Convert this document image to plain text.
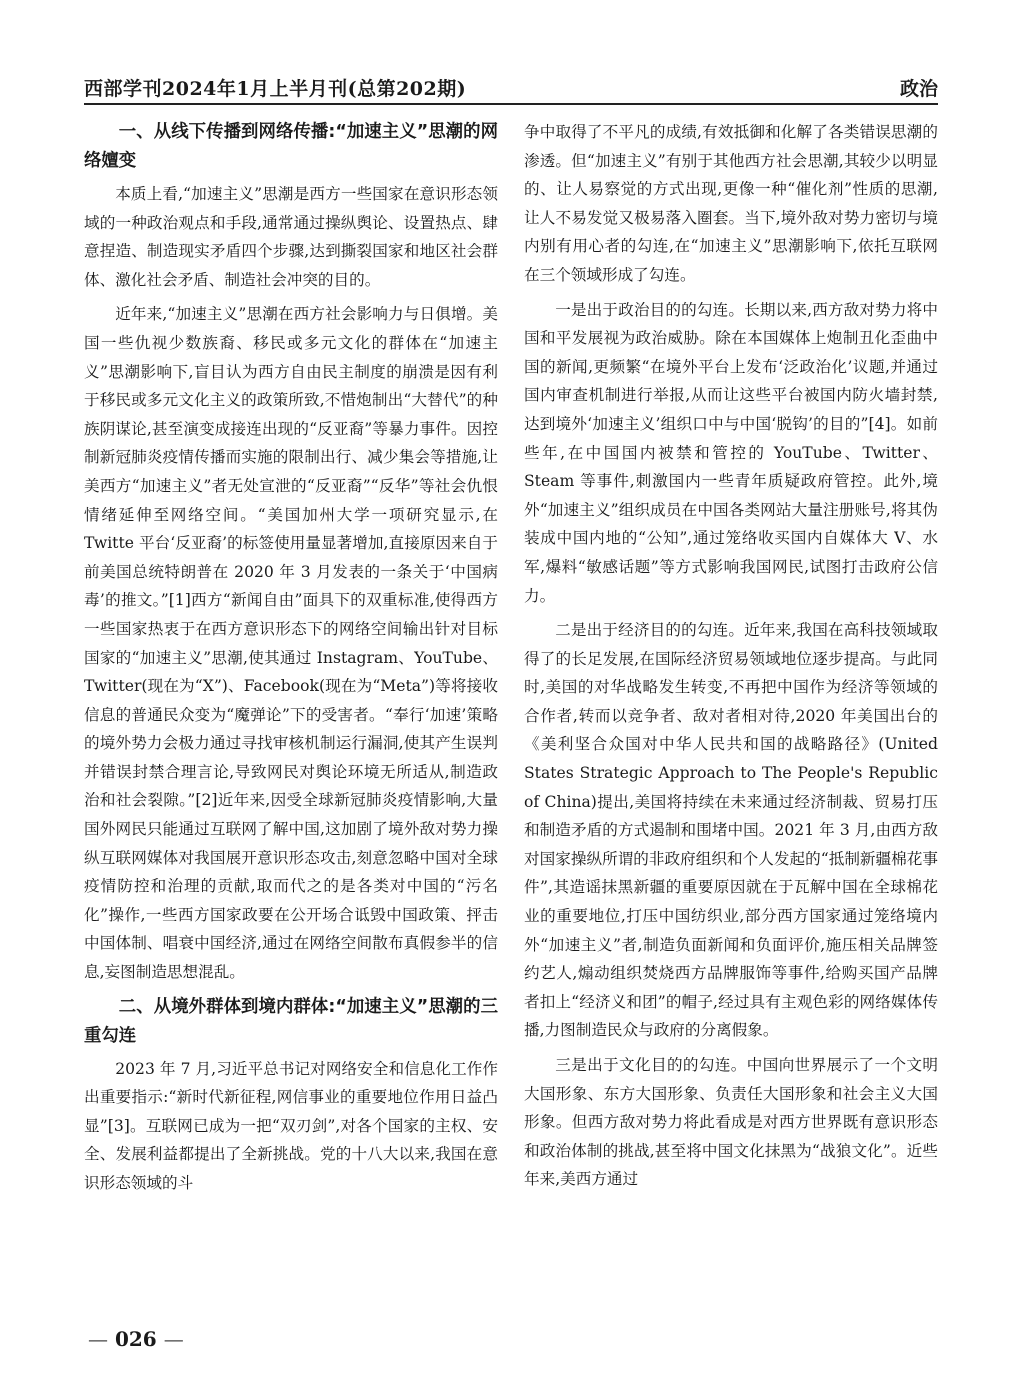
西部学刊2024年1月上半月刊(总第202期)	政治
一、从线下传播到网络传播:“加速主义”思潮的网络嬗变

本质上看,“加速主义”思潮是西方一些国家在意识形态领域的一种政治观点和手段,通常通过操纵舆论、设置热点、肆意捏造、制造现实矛盾四个步骤,达到撕裂国家和地区社会群体、激化社会矛盾、制造社会冲突的目的。

近年来,“加速主义”思潮在西方社会影响力与日俱增。美国一些仇视少数族裔、移民或多元文化的群体在“加速主义”思潮影响下,盲目认为西方自由民主制度的崩溃是因有利于移民或多元文化主义的政策所致,不惜炮制出“大替代”的种族阴谋论,甚至演变成接连出现的“反亚裔”等暴力事件。因控制新冠肺炎疫情传播而实施的限制出行、减少集会等措施,让美西方“加速主义”者无处宣泄的“反亚裔”“反华”等社会仇恨情绪延伸至网络空间。“美国加州大学一项研究显示,在 Twitte 平台‘反亚裔’的标签使用量显著增加,直接原因来自于前美国总统特朗普在 2020 年 3 月发表的一条关于‘中国病毒’的推文。”[1]西方“新闻自由”面具下的双重标准,使得西方一些国家热衷于在西方意识形态下的网络空间输出针对目标国家的“加速主义”思潮,使其通过 Instagram、YouTube、Twitter(现在为“X”)、Facebook(现在为“Meta”)等将接收信息的普通民众变为“魔弹论”下的受害者。“奉行‘加速’策略的境外势力会极力通过寻找审核机制运行漏洞,使其产生误判并错误封禁合理言论,导致网民对舆论环境无所适从,制造政治和社会裂隙。”[2]近年来,因受全球新冠肺炎疫情影响,大量国外网民只能通过互联网了解中国,这加剧了境外敌对势力操纵互联网媒体对我国展开意识形态攻击,刻意忽略中国对全球疫情防控和治理的贡献,取而代之的是各类对中国的“污名化”操作,一些西方国家政要在公开场合诋毁中国政策、抨击中国体制、唱衰中国经济,通过在网络空间散布真假参半的信息,妄图制造思想混乱。

二、从境外群体到境内群体:“加速主义”思潮的三重勾连

2023 年 7 月,习近平总书记对网络安全和信息化工作作出重要指示:“新时代新征程,网信事业的重要地位作用日益凸显”[3]。互联网已成为一把“双刃剑”,对各个国家的主权、安全、发展利益都提出了全新挑战。党的十八大以来,我国在意识形态领域的斗

争中取得了不平凡的成绩,有效抵御和化解了各类错误思潮的渗透。但“加速主义”有别于其他西方社会思潮,其较少以明显的、让人易察觉的方式出现,更像一种“催化剂”性质的思潮,让人不易发觉又极易落入圈套。当下,境外敌对势力密切与境内别有用心者的勾连,在“加速主义”思潮影响下,依托互联网在三个领域形成了勾连。

一是出于政治目的的勾连。长期以来,西方敌对势力将中国和平发展视为政治威胁。除在本国媒体上炮制丑化歪曲中国的新闻,更频繁“在境外平台上发布‘泛政治化’议题,并通过国内审查机制进行举报,从而让这些平台被国内防火墙封禁,达到境外‘加速主义’组织口中与中国‘脱钩’的目的”[4]。如前些年,在中国国内被禁和管控的 YouTube、Twitter、Steam 等事件,刺激国内一些青年质疑政府管控。此外,境外“加速主义”组织成员在中国各类网站大量注册账号,将其伪装成中国内地的“公知”,通过笼络收买国内自媒体大 V、水军,爆料“敏感话题”等方式影响我国网民,试图打击政府公信力。

二是出于经济目的的勾连。近年来,我国在高科技领域取得了的长足发展,在国际经济贸易领域地位逐步提高。与此同时,美国的对华战略发生转变,不再把中国作为经济等领域的合作者,转而以竞争者、敌对者相对待,2020 年美国出台的《美利坚合众国对中华人民共和国的战略路径》(United States Strategic Approach to The People's Republic of China)提出,美国将持续在未来通过经济制裁、贸易打压和制造矛盾的方式遏制和围堵中国。2021 年 3 月,由西方敌对国家操纵所谓的非政府组织和个人发起的“抵制新疆棉花事件”,其造谣抹黑新疆的重要原因就在于瓦解中国在全球棉花业的重要地位,打压中国纺织业,部分西方国家通过笼络境内外“加速主义”者,制造负面新闻和负面评价,施压相关品牌签约艺人,煽动组织焚烧西方品牌服饰等事件,给购买国产品牌者扣上“经济义和团”的帽子,经过具有主观色彩的网络媒体传播,力图制造民众与政府的分离假象。

三是出于文化目的的勾连。中国向世界展示了一个文明大国形象、东方大国形象、负责任大国形象和社会主义大国形象。但西方敌对势力将此看成是对西方世界既有意识形态和政治体制的挑战,甚至将中国文化抹黑为“战狼文化”。近些年来,美西方通过

— 026 —
